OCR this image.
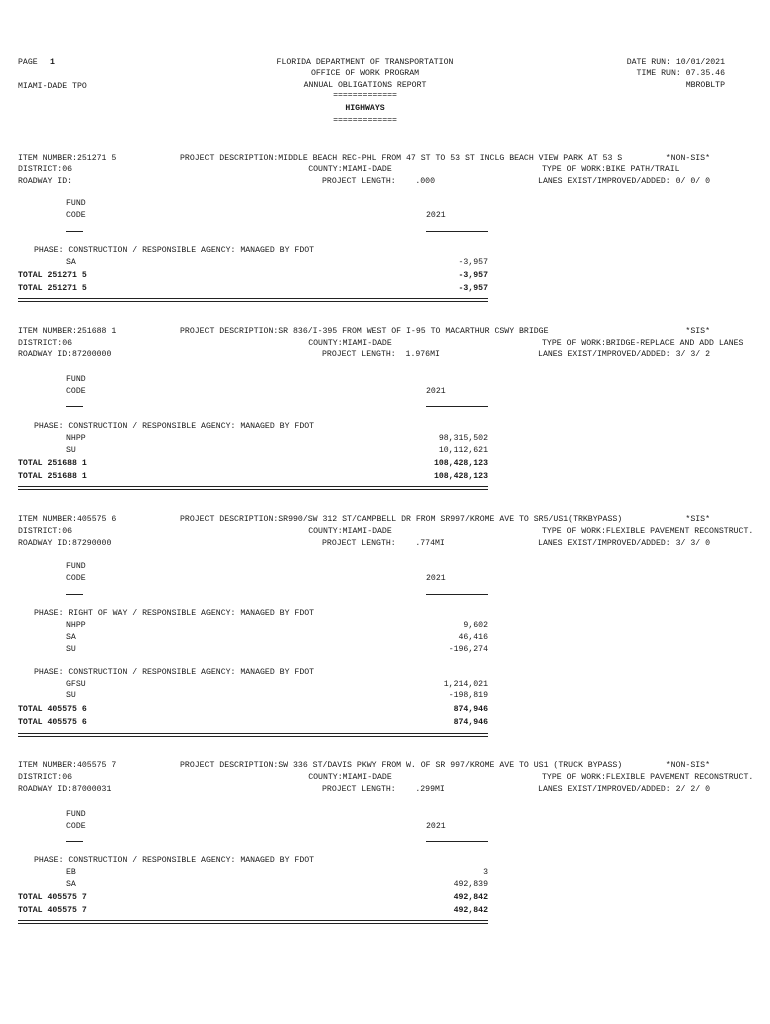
PAGE 1
MIAMI-DADE TPO
FLORIDA DEPARTMENT OF TRANSPORTATION
OFFICE OF WORK PROGRAM
ANNUAL OBLIGATIONS REPORT
=============
HIGHWAYS
=============
DATE RUN: 10/01/2021
TIME RUN: 07.35.46
MBROBLTP
ITEM NUMBER:251271 5
DISTRICT:06
ROADWAY ID:
PROJECT DESCRIPTION:MIDDLE BEACH REC-PHL FROM 47 ST TO 53 ST INCLG BEACH VIEW PARK AT 53 S	*NON-SIS*
COUNTY:MIAMI-DADE	TYPE OF WORK:BIKE PATH/TRAIL
PROJECT LENGTH:    .000	LANES EXIST/IMPROVED/ADDED: 0/ 0/ 0
FUND
CODE	2021
PHASE: CONSTRUCTION / RESPONSIBLE AGENCY: MANAGED BY FDOT
SA	-3,957
TOTAL 251271 5	-3,957
TOTAL 251271 5	-3,957
ITEM NUMBER:251688 1
DISTRICT:06
ROADWAY ID:87200000
PROJECT DESCRIPTION:SR 836/I-395 FROM WEST OF I-95 TO MACARTHUR CSWY BRIDGE	*SIS*
COUNTY:MIAMI-DADE	TYPE OF WORK:BRIDGE-REPLACE AND ADD LANES
PROJECT LENGTH:  1.976MI	LANES EXIST/IMPROVED/ADDED: 3/ 3/ 2
FUND
CODE	2021
PHASE: CONSTRUCTION / RESPONSIBLE AGENCY: MANAGED BY FDOT
NHPP	98,315,502
SU	10,112,621
TOTAL 251688 1	108,428,123
TOTAL 251688 1	108,428,123
ITEM NUMBER:405575 6
DISTRICT:06
ROADWAY ID:87290000
PROJECT DESCRIPTION:SR990/SW 312 ST/CAMPBELL DR FROM SR997/KROME AVE TO SR5/US1(TRKBYPASS)	*SIS*
COUNTY:MIAMI-DADE	TYPE OF WORK:FLEXIBLE PAVEMENT RECONSTRUCT.
PROJECT LENGTH:    .774MI	LANES EXIST/IMPROVED/ADDED: 3/ 3/ 0
FUND
CODE	2021
PHASE: RIGHT OF WAY / RESPONSIBLE AGENCY: MANAGED BY FDOT
NHPP	9,602
SA	46,416
SU	-196,274
PHASE: CONSTRUCTION / RESPONSIBLE AGENCY: MANAGED BY FDOT
GFSU	1,214,021
SU	-198,819
TOTAL 405575 6	874,946
TOTAL 405575 6	874,946
ITEM NUMBER:405575 7
DISTRICT:06
ROADWAY ID:87000031
PROJECT DESCRIPTION:SW 336 ST/DAVIS PKWY FROM W. OF SR 997/KROME AVE TO US1 (TRUCK BYPASS)	*NON-SIS*
COUNTY:MIAMI-DADE	TYPE OF WORK:FLEXIBLE PAVEMENT RECONSTRUCT.
PROJECT LENGTH:    .299MI	LANES EXIST/IMPROVED/ADDED: 2/ 2/ 0
FUND
CODE	2021
PHASE: CONSTRUCTION / RESPONSIBLE AGENCY: MANAGED BY FDOT
EB	3
SA	492,839
TOTAL 405575 7	492,842
TOTAL 405575 7	492,842
